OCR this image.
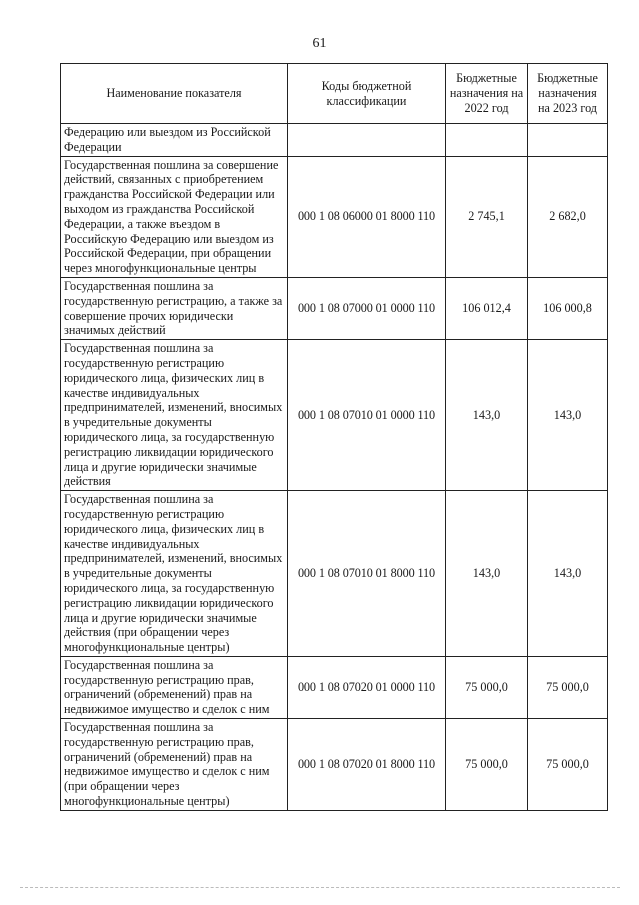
61
Наименование показателя	Коды бюджетной классификации	Бюджетные назначения на 2022 год	Бюджетные назначения на 2023 год
Федерацию или выездом из Российской Федерации			
Государственная пошлина за совершение действий, связанных с приобретением гражданства Российской Федерации или выходом из гражданства Российской Федерации, а также въездом в Российскую Федерацию или выездом из Российской Федерации, при обращении через многофункциональные центры	000 1 08 06000 01 8000 110	2 745,1	2 682,0
Государственная пошлина за государственную регистрацию, а также за совершение прочих юридически значимых действий	000 1 08 07000 01 0000 110	106 012,4	106 000,8
Государственная пошлина за государственную регистрацию юридического лица, физических лиц в качестве индивидуальных предпринимателей, изменений, вносимых в учредительные документы юридического лица, за государственную регистрацию ликвидации юридического лица и другие юридически значимые действия	000 1 08 07010 01 0000 110	143,0	143,0
Государственная пошлина за государственную регистрацию юридического лица, физических лиц в качестве индивидуальных предпринимателей, изменений, вносимых в учредительные документы юридического лица, за государственную регистрацию ликвидации юридического лица и другие юридически значимые действия (при обращении через многофункциональные центры)	000 1 08 07010 01 8000 110	143,0	143,0
Государственная пошлина за государственную регистрацию прав, ограничений (обременений) прав на недвижимое имущество и сделок с ним	000 1 08 07020 01 0000 110	75 000,0	75 000,0
Государственная пошлина за государственную регистрацию прав, ограничений (обременений) прав на недвижимое имущество и сделок с ним (при обращении через многофункциональные центры)	000 1 08 07020 01 8000 110	75 000,0	75 000,0
